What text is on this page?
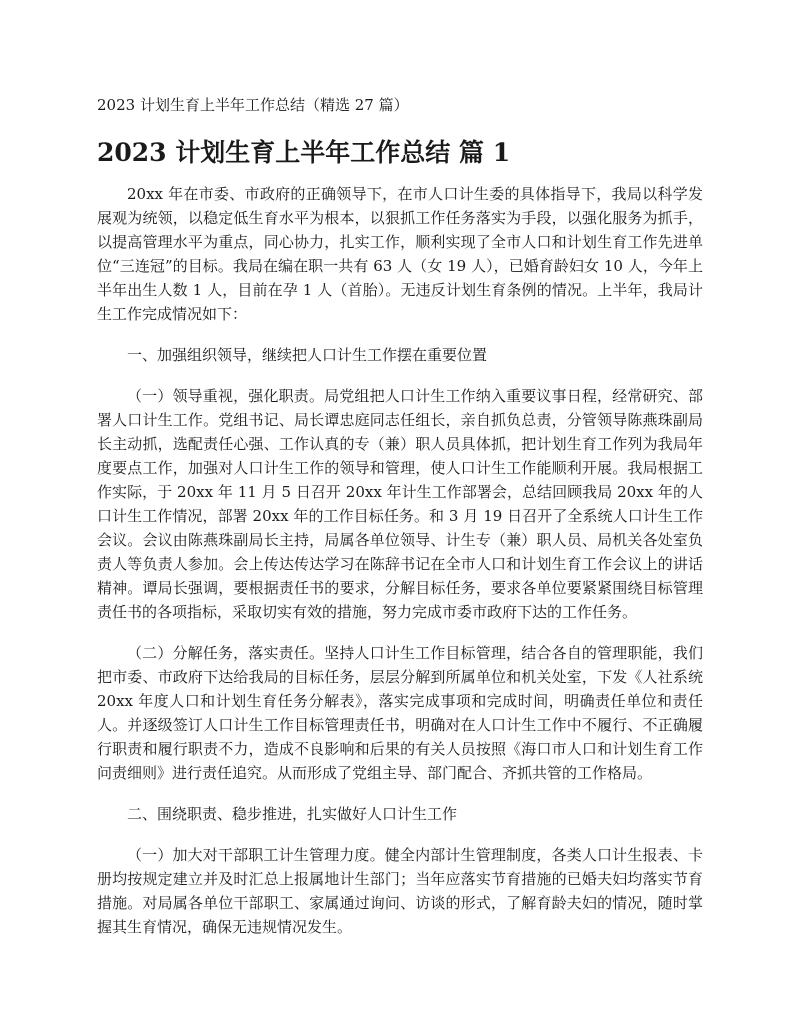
2023 计划生育上半年工作总结（精选 27 篇）
2023 计划生育上半年工作总结 篇 1

20xx 年在市委、市政府的正确领导下，在市人口计生委的具体指导下，我局以科学发展观为统领，以稳定低生育水平为根本，以狠抓工作任务落实为手段，以强化服务为抓手，以提高管理水平为重点，同心协力，扎实工作，顺利实现了全市人口和计划生育工作先进单位“三连冠”的目标。我局在编在职一共有 63 人（女 19 人），已婚育龄妇女 10 人，今年上半年出生人数 1 人，目前在孕 1 人（首胎）。无违反计划生育条例的情况。上半年，我局计生工作完成情况如下：

一、加强组织领导，继续把人口计生工作摆在重要位置

（一）领导重视，强化职责。局党组把人口计生工作纳入重要议事日程，经常研究、部署人口计生工作。党组书记、局长谭忠庭同志任组长，亲自抓负总责，分管领导陈燕珠副局长主动抓，选配责任心强、工作认真的专（兼）职人员具体抓，把计划生育工作列为我局年度要点工作，加强对人口计生工作的领导和管理，使人口计生工作能顺利开展。我局根据工作实际，于 20xx 年 11 月 5 日召开 20xx 年计生工作部署会，总结回顾我局 20xx 年的人口计生工作情况，部署 20xx 年的工作目标任务。和 3 月 19 日召开了全系统人口计生工作会议。会议由陈燕珠副局长主持，局属各单位领导、计生专（兼）职人员、局机关各处室负责人等负责人参加。会上传达传达学习在陈辞书记在全市人口和计划生育工作会议上的讲话精神。谭局长强调，要根据责任书的要求，分解目标任务，要求各单位要紧紧围绕目标管理责任书的各项指标，采取切实有效的措施，努力完成市委市政府下达的工作任务。

（二）分解任务，落实责任。坚持人口计生工作目标管理，结合各自的管理职能，我们把市委、市政府下达给我局的目标任务，层层分解到所属单位和机关处室，下发《人社系统 20xx 年度人口和计划生育任务分解表》，落实完成事项和完成时间，明确责任单位和责任人。并逐级签订人口计生工作目标管理责任书，明确对在人口计生工作中不履行、不正确履行职责和履行职责不力，造成不良影响和后果的有关人员按照《海口市人口和计划生育工作问责细则》进行责任追究。从而形成了党组主导、部门配合、齐抓共管的工作格局。

二、围绕职责、稳步推进，扎实做好人口计生工作

（一）加大对干部职工计生管理力度。健全内部计生管理制度，各类人口计生报表、卡册均按规定建立并及时汇总上报属地计生部门；当年应落实节育措施的已婚夫妇均落实节育措施。对局属各单位干部职工、家属通过询问、访谈的形式，了解育龄夫妇的情况，随时掌握其生育情况，确保无违规情况发生。
